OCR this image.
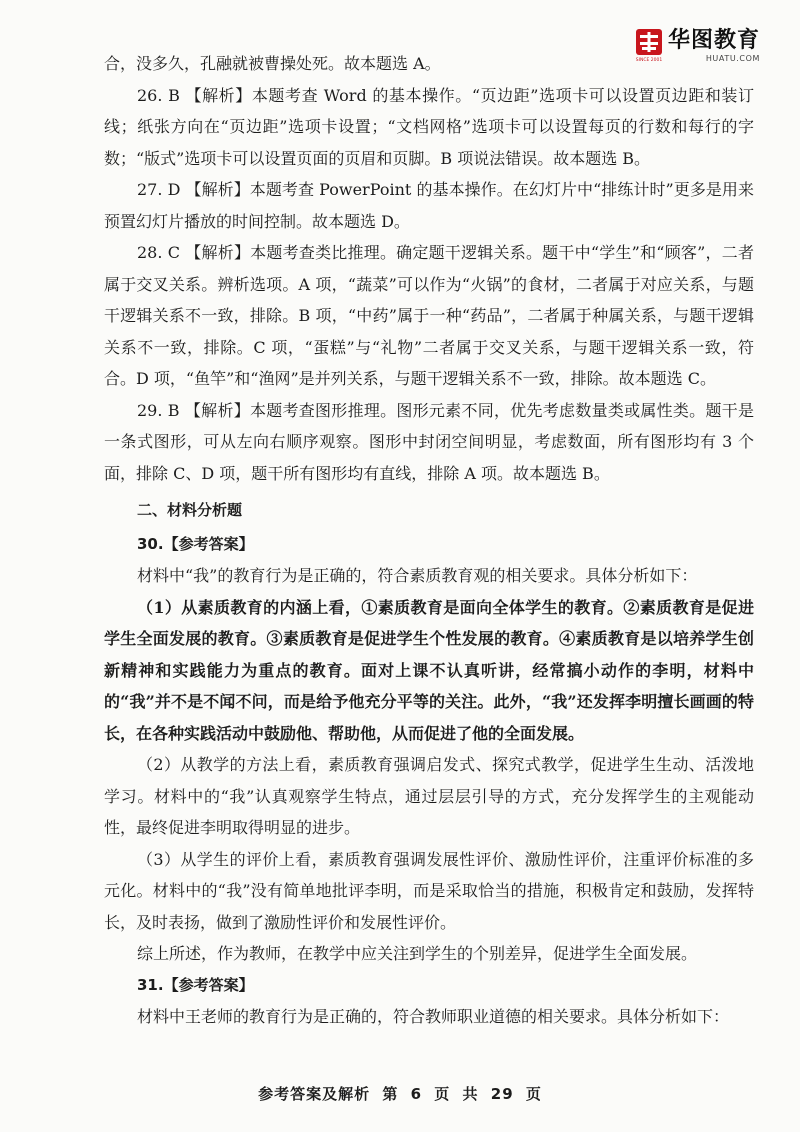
SINCE 2001
华图教育
HUATU.COM

合，没多久，孔融就被曹操处死。故本题选 A。

26. B 【解析】本题考查 Word 的基本操作。“页边距”选项卡可以设置页边距和装订线；纸张方向在“页边距”选项卡设置；“文档网格”选项卡可以设置每页的行数和每行的字数；“版式”选项卡可以设置页面的页眉和页脚。B 项说法错误。故本题选 B。

27. D 【解析】本题考查 PowerPoint 的基本操作。在幻灯片中“排练计时”更多是用来预置幻灯片播放的时间控制。故本题选 D。

28. C 【解析】本题考查类比推理。确定题干逻辑关系。题干中“学生”和“顾客”，二者属于交叉关系。辨析选项。A 项，“蔬菜”可以作为“火锅”的食材，二者属于对应关系，与题干逻辑关系不一致，排除。B 项，“中药”属于一种“药品”，二者属于种属关系，与题干逻辑关系不一致，排除。C 项，“蛋糕”与“礼物”二者属于交叉关系，与题干逻辑关系一致，符合。D 项，“鱼竿”和“渔网”是并列关系，与题干逻辑关系不一致，排除。故本题选 C。

29. B 【解析】本题考查图形推理。图形元素不同，优先考虑数量类或属性类。题干是一条式图形，可从左向右顺序观察。图形中封闭空间明显，考虑数面，所有图形均有 3 个面，排除 C、D 项，题干所有图形均有直线，排除 A 项。故本题选 B。

二、材料分析题

30.【参考答案】

材料中“我”的教育行为是正确的，符合素质教育观的相关要求。具体分析如下：

（1）从素质教育的内涵上看，①素质教育是面向全体学生的教育。②素质教育是促进学生全面发展的教育。③素质教育是促进学生个性发展的教育。④素质教育是以培养学生创新精神和实践能力为重点的教育。面对上课不认真听讲，经常搞小动作的李明，材料中的“我”并不是不闻不问，而是给予他充分平等的关注。此外，“我”还发挥李明擅长画画的特长，在各种实践活动中鼓励他、帮助他，从而促进了他的全面发展。

（2）从教学的方法上看，素质教育强调启发式、探究式教学，促进学生生动、活泼地学习。材料中的“我”认真观察学生特点，通过层层引导的方式，充分发挥学生的主观能动性，最终促进李明取得明显的进步。

（3）从学生的评价上看，素质教育强调发展性评价、激励性评价，注重评价标准的多元化。材料中的“我”没有简单地批评李明，而是采取恰当的措施，积极肯定和鼓励，发挥特长，及时表扬，做到了激励性评价和发展性评价。

综上所述，作为教师，在教学中应关注到学生的个别差异，促进学生全面发展。

31.【参考答案】

材料中王老师的教育行为是正确的，符合教师职业道德的相关要求。具体分析如下：

参考答案及解析 第 6 页 共 29 页
